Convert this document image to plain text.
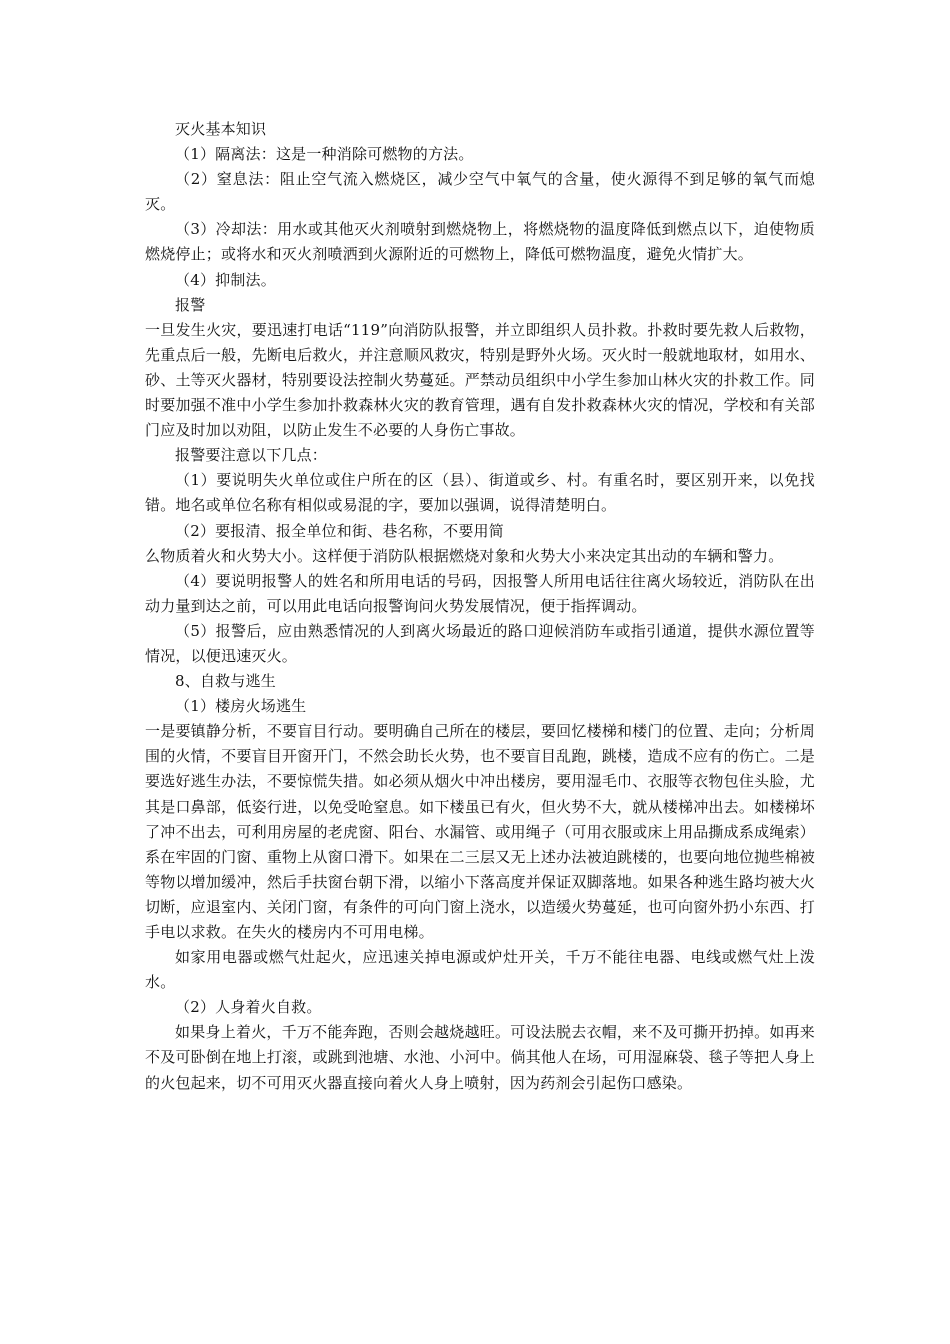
灭火基本知识

（1）隔离法：这是一种消除可燃物的方法。

（2）窒息法：阻止空气流入燃烧区，减少空气中氧气的含量，使火源得不到足够的氧气而熄灭。

（3）冷却法：用水或其他灭火剂喷射到燃烧物上，将燃烧物的温度降低到燃点以下，迫使物质燃烧停止；或将水和灭火剂喷洒到火源附近的可燃物上，降低可燃物温度，避免火情扩大。

（4）抑制法。

报警

一旦发生火灾，要迅速打电话“119”向消防队报警，并立即组织人员扑救。扑救时要先救人后救物，先重点后一般，先断电后救火，并注意顺风救灾，特别是野外火场。灭火时一般就地取材，如用水、砂、土等灭火器材，特别要设法控制火势蔓延。严禁动员组织中小学生参加山林火灾的扑救工作。同时要加强不准中小学生参加扑救森林火灾的教育管理，遇有自发扑救森林火灾的情况，学校和有关部门应及时加以劝阻，以防止发生不必要的人身伤亡事故。

报警要注意以下几点：

（1）要说明失火单位或住户所在的区（县）、街道或乡、村。有重名时，要区别开来，以免找错。地名或单位名称有相似或易混的字，要加以强调，说得清楚明白。

（2）要报清、报全单位和街、巷名称，不要用简

么物质着火和火势大小。这样便于消防队根据燃烧对象和火势大小来决定其出动的车辆和警力。

（4）要说明报警人的姓名和所用电话的号码，因报警人所用电话往往离火场较近，消防队在出动力量到达之前，可以用此电话向报警询问火势发展情况，便于指挥调动。

（5）报警后，应由熟悉情况的人到离火场最近的路口迎候消防车或指引通道，提供水源位置等情况，以便迅速灭火。

8、自救与逃生

（1）楼房火场逃生

一是要镇静分析，不要盲目行动。要明确自己所在的楼层，要回忆楼梯和楼门的位置、走向；分析周围的火情，不要盲目开窗开门，不然会助长火势，也不要盲目乱跑，跳楼，造成不应有的伤亡。二是要选好逃生办法，不要惊慌失措。如必须从烟火中冲出楼房，要用湿毛巾、衣服等衣物包住头脸，尤其是口鼻部，低姿行进，以免受呛窒息。如下楼虽已有火，但火势不大，就从楼梯冲出去。如楼梯坏了冲不出去，可利用房屋的老虎窗、阳台、水漏管、或用绳子（可用衣服或床上用品撕成系成绳索）系在牢固的门窗、重物上从窗口滑下。如果在二三层又无上述办法被迫跳楼的，也要向地位抛些棉被等物以增加缓冲，然后手扶窗台朝下滑，以缩小下落高度并保证双脚落地。如果各种逃生路均被大火切断，应退室内、关闭门窗，有条件的可向门窗上浇水，以造缓火势蔓延，也可向窗外扔小东西、打手电以求救。在失火的楼房内不可用电梯。

如家用电器或燃气灶起火，应迅速关掉电源或炉灶开关，千万不能往电器、电线或燃气灶上泼水。

（2）人身着火自救。

如果身上着火，千万不能奔跑，否则会越烧越旺。可设法脱去衣帽，来不及可撕开扔掉。如再来不及可卧倒在地上打滚，或跳到池塘、水池、小河中。倘其他人在场，可用湿麻袋、毯子等把人身上的火包起来，切不可用灭火器直接向着火人身上喷射，因为药剂会引起伤口感染。
